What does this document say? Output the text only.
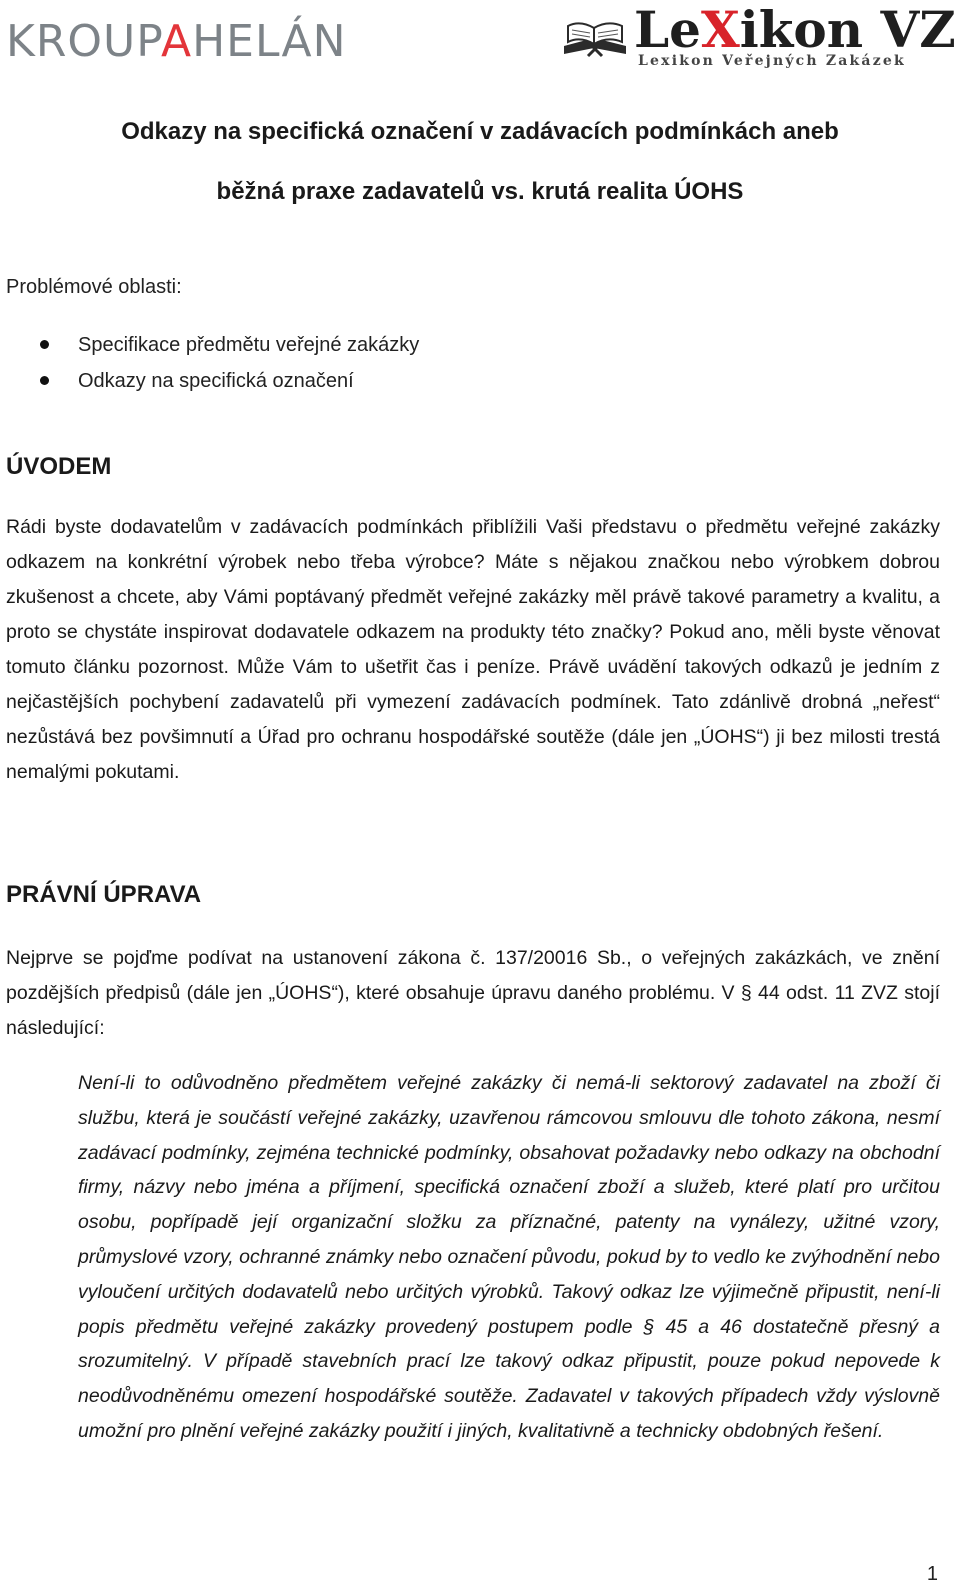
KROUPAHELÁN	LeXikon VZ
Lexikon Veřejných Zakázek
Odkazy na specifická označení v zadávacích podmínkách aneb
běžná praxe zadavatelů vs. krutá realita ÚOHS
Problémové oblasti:
Specifikace předmětu veřejné zakázky
Odkazy na specifická označení
ÚVODEM
Rádi byste dodavatelům v zadávacích podmínkách přiblížili Vaši představu o předmětu veřejné zakázky odkazem na konkrétní výrobek nebo třeba výrobce? Máte s nějakou značkou nebo výrobkem dobrou zkušenost a chcete, aby Vámi poptávaný předmět veřejné zakázky měl právě takové parametry a kvalitu, a proto se chystáte inspirovat dodavatele odkazem na produkty této značky? Pokud ano, měli byste věnovat tomuto článku pozornost. Může Vám to ušetřit čas i peníze. Právě uvádění takových odkazů je jedním z nejčastějších pochybení zadavatelů při vymezení zadávacích podmínek. Tato zdánlivě drobná „neřest“ nezůstává bez povšimnutí a Úřad pro ochranu hospodářské soutěže (dále jen „ÚOHS“) ji bez milosti trestá nemalými pokutami.
PRÁVNÍ ÚPRAVA
Nejprve se pojďme podívat na ustanovení zákona č. 137/20016 Sb., o veřejných zakázkách, ve znění pozdějších předpisů (dále jen „ÚOHS“), které obsahuje úpravu daného problému. V § 44 odst. 11 ZVZ stojí následující:
Není-li to odůvodněno předmětem veřejné zakázky či nemá-li sektorový zadavatel na zboží či službu, která je součástí veřejné zakázky, uzavřenou rámcovou smlouvu dle tohoto zákona, nesmí zadávací podmínky, zejména technické podmínky, obsahovat požadavky nebo odkazy na obchodní firmy, názvy nebo jména a příjmení, specifická označení zboží a služeb, které platí pro určitou osobu, popřípadě její organizační složku za příznačné, patenty na vynálezy, užitné vzory, průmyslové vzory, ochranné známky nebo označení původu, pokud by to vedlo ke zvýhodnění nebo vyloučení určitých dodavatelů nebo určitých výrobků. Takový odkaz lze výjimečně připustit, není-li popis předmětu veřejné zakázky provedený postupem podle § 45 a 46 dostatečně přesný a srozumitelný. V případě stavebních prací lze takový odkaz připustit, pouze pokud nepovede k neodůvodněnému omezení hospodářské soutěže. Zadavatel v takových případech vždy výslovně umožní pro plnění veřejné zakázky použití i jiných, kvalitativně a technicky obdobných řešení.
1
